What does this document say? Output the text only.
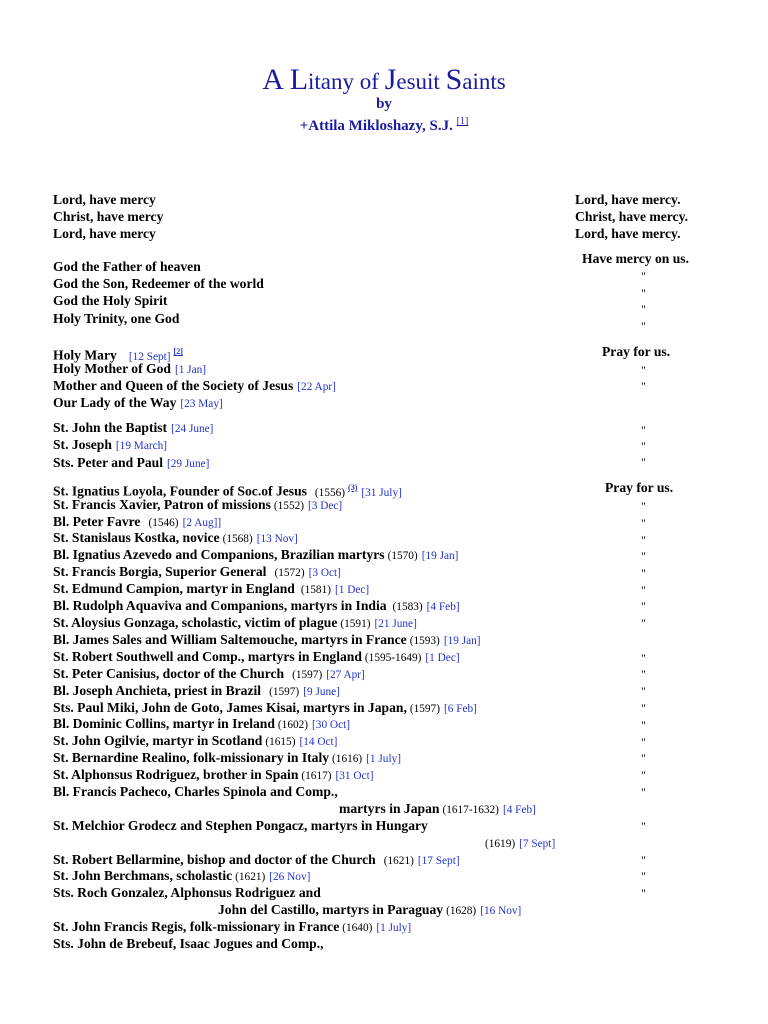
A Litany of Jesuit Saints
by
+Attila Mikloshazy, S.J. [1]
Lord, have mercy
Christ, have mercy
Lord, have mercy
Lord, have mercy.
Christ, have mercy.
Lord, have mercy.
Have mercy on us.
God the Father of heaven
God the Son, Redeemer of the world
God the Holy Spirit
Holy Trinity, one God
"
"
"
"
Holy Mary [12 Sept] [2]
Holy Mother of God [1 Jan]
Mother and Queen of the Society of Jesus [22 Apr]
Our Lady of the Way [23 May]
Pray for us.
"
"
St. John the Baptist [24 June]
St. Joseph [19 March]
Sts. Peter and Paul [29 June]
"
"
"
Pray for us.
St. Ignatius Loyola, Founder of Soc.of Jesus (1556) $^{(3)}$ [31 July]
St. Francis Xavier, Patron of missions (1552) [3 Dec]
Bl. Peter Favre (1546) [2 Aug]]
St. Stanislaus Kostka, novice (1568) [13 Nov]
Bl. Ignatius Azevedo and Companions, Brazilian martyrs (1570) [19 Jan]
St. Francis Borgia, Superior General (1572) [3 Oct]
St. Edmund Campion, martyr in England (1581) [1 Dec]
Bl. Rudolph Aquaviva and Companions, martyrs in India (1583) [4 Feb]
St. Aloysius Gonzaga, scholastic, victim of plague (1591) [21 June]
Bl. James Sales and William Saltemouche, martyrs in France (1593) [19 Jan]
St. Robert Southwell and Comp., martyrs in England (1595-1649) [1 Dec]
St. Peter Canisius, doctor of the Church (1597) [27 Apr]
Bl. Joseph Anchieta, priest in Brazil (1597) [9 June]
Sts. Paul Miki, John de Goto, James Kisai, martyrs in Japan, (1597) [6 Feb]
Bl. Dominic Collins, martyr in Ireland (1602) [30 Oct]
St. John Ogilvie, martyr in Scotland (1615) [14 Oct]
St. Bernardine Realino, folk-missionary in Italy (1616) [1 July]
St. Alphonsus Rodriguez, brother in Spain (1617) [31 Oct]
Bl. Francis Pacheco, Charles Spinola and Comp.,
martyrs in Japan (1617-1632) [4 Feb]
St. Melchior Grodecz and Stephen Pongacz, martyrs in Hungary
(1619) [7 Sept]
St. Robert Bellarmine, bishop and doctor of the Church (1621) [17 Sept]
St. John Berchmans, scholastic (1621) [26 Nov]
Sts. Roch Gonzalez, Alphonsus Rodriguez and
John del Castillo, martyrs in Paraguay (1628) [16 Nov]
St. John Francis Regis, folk-missionary in France (1640) [1 July]
Sts. John de Brebeuf, Isaac Jogues and Comp.,
"
"
"
"
"
"
"
"
"
"
"
"
"
"
"
"
"
"
"
"
"
